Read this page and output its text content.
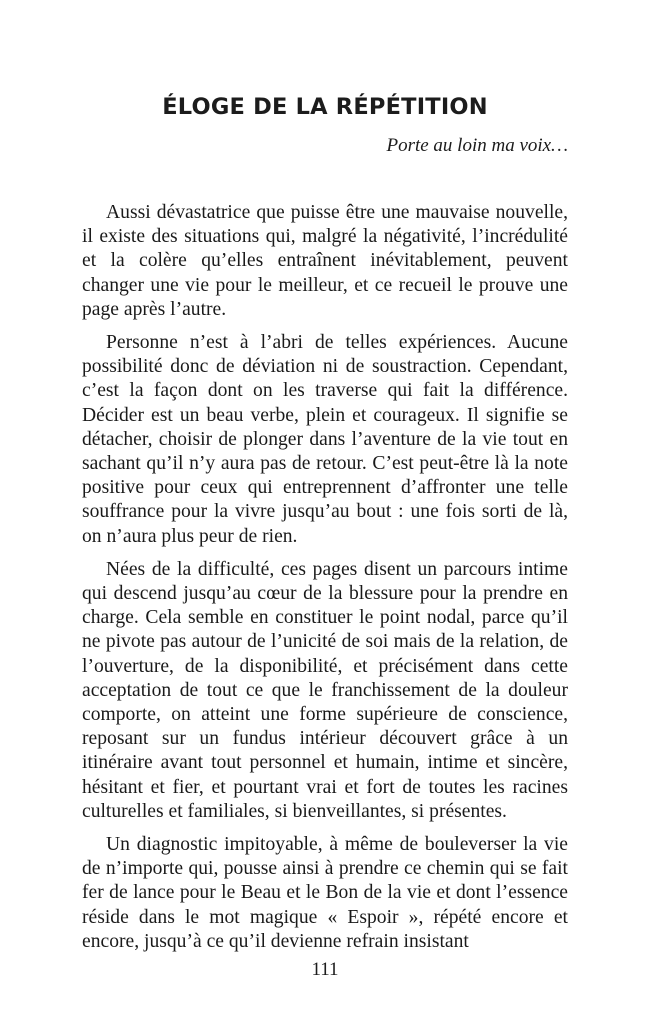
ÉLOGE DE LA RÉPÉTITION

Porte au loin ma voix…

Aussi dévastatrice que puisse être une mauvaise nouvelle, il existe des situations qui, malgré la négativité, l’incrédulité et la colère qu’elles entraînent inévitablement, peuvent changer une vie pour le meilleur, et ce recueil le prouve une page après l’autre.

Personne n’est à l’abri de telles expériences. Aucune possibilité donc de déviation ni de soustraction. Cependant, c’est la façon dont on les traverse qui fait la différence. Décider est un beau verbe, plein et courageux. Il signifie se détacher, choisir de plonger dans l’aventure de la vie tout en sachant qu’il n’y aura pas de retour. C’est peut-être là la note positive pour ceux qui entreprennent d’affronter une telle souffrance pour la vivre jusqu’au bout : une fois sorti de là, on n’aura plus peur de rien.

Nées de la difficulté, ces pages disent un parcours intime qui descend jusqu’au cœur de la blessure pour la prendre en charge. Cela semble en constituer le point nodal, parce qu’il ne pivote pas autour de l’unicité de soi mais de la relation, de l’ouverture, de la disponibilité, et précisément dans cette acceptation de tout ce que le franchissement de la douleur comporte, on atteint une forme supérieure de conscience, reposant sur un fundus intérieur découvert grâce à un itinéraire avant tout personnel et humain, intime et sincère, hésitant et fier, et pourtant vrai et fort de toutes les racines culturelles et familiales, si bienveillantes, si présentes.

Un diagnostic impitoyable, à même de bouleverser la vie de n’importe qui, pousse ainsi à prendre ce chemin qui se fait fer de lance pour le Beau et le Bon de la vie et dont l’essence réside dans le mot magique « Espoir », répété encore et encore, jusqu’à ce qu’il devienne refrain insistant

111
